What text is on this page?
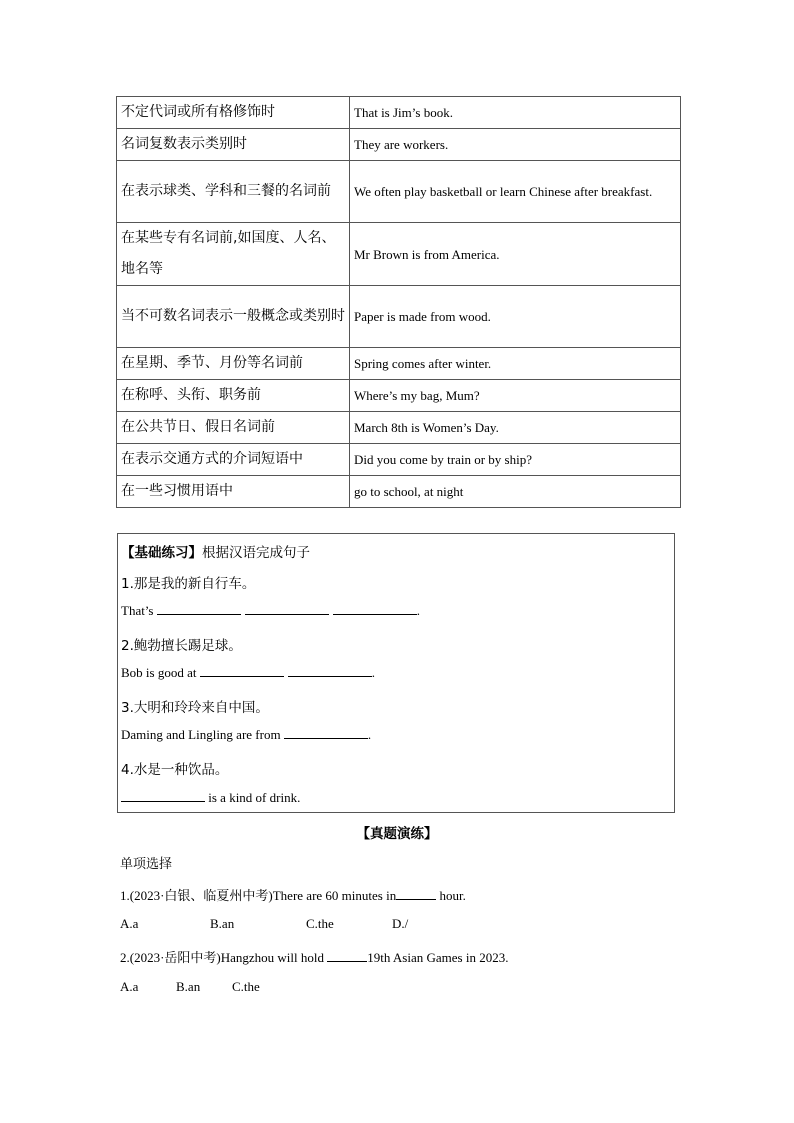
不定代词或所有格修饰时	That is Jim’s book.
名词复数表示类别时	They are workers.
在表示球类、学科和三餐的名词前	We often play basketball or learn Chinese after breakfast.
在某些专有名词前,如国度、人名、地名等	Mr Brown is from America.
当不可数名词表示一般概念或类别时	Paper is made from wood.
在星期、季节、月份等名词前	Spring comes after winter.
在称呼、头衔、职务前	Where’s my bag, Mum?
在公共节日、假日名词前	March 8th is Women’s Day.
在表示交通方式的介词短语中	Did you come by train or by ship?
在一些习惯用语中	go to school, at night
【基础练习】根据汉语完成句子
1.那是我的新自行车。
That’s	.
2.鲍勃擅长踢足球。
Bob is good at	.
3.大明和玲玲来自中国。
Daming and Lingling are from	.
4.水是一种饮品。
is a kind of drink.
【真题演练】
单项选择
1.(2023·白银、临夏州中考)There are 60 minutes in	hour.
A.a	B.an	C.the	D./
2.(2023·岳阳中考)Hangzhou will hold	19th Asian Games in 2023.
A.a	B.an C.the
